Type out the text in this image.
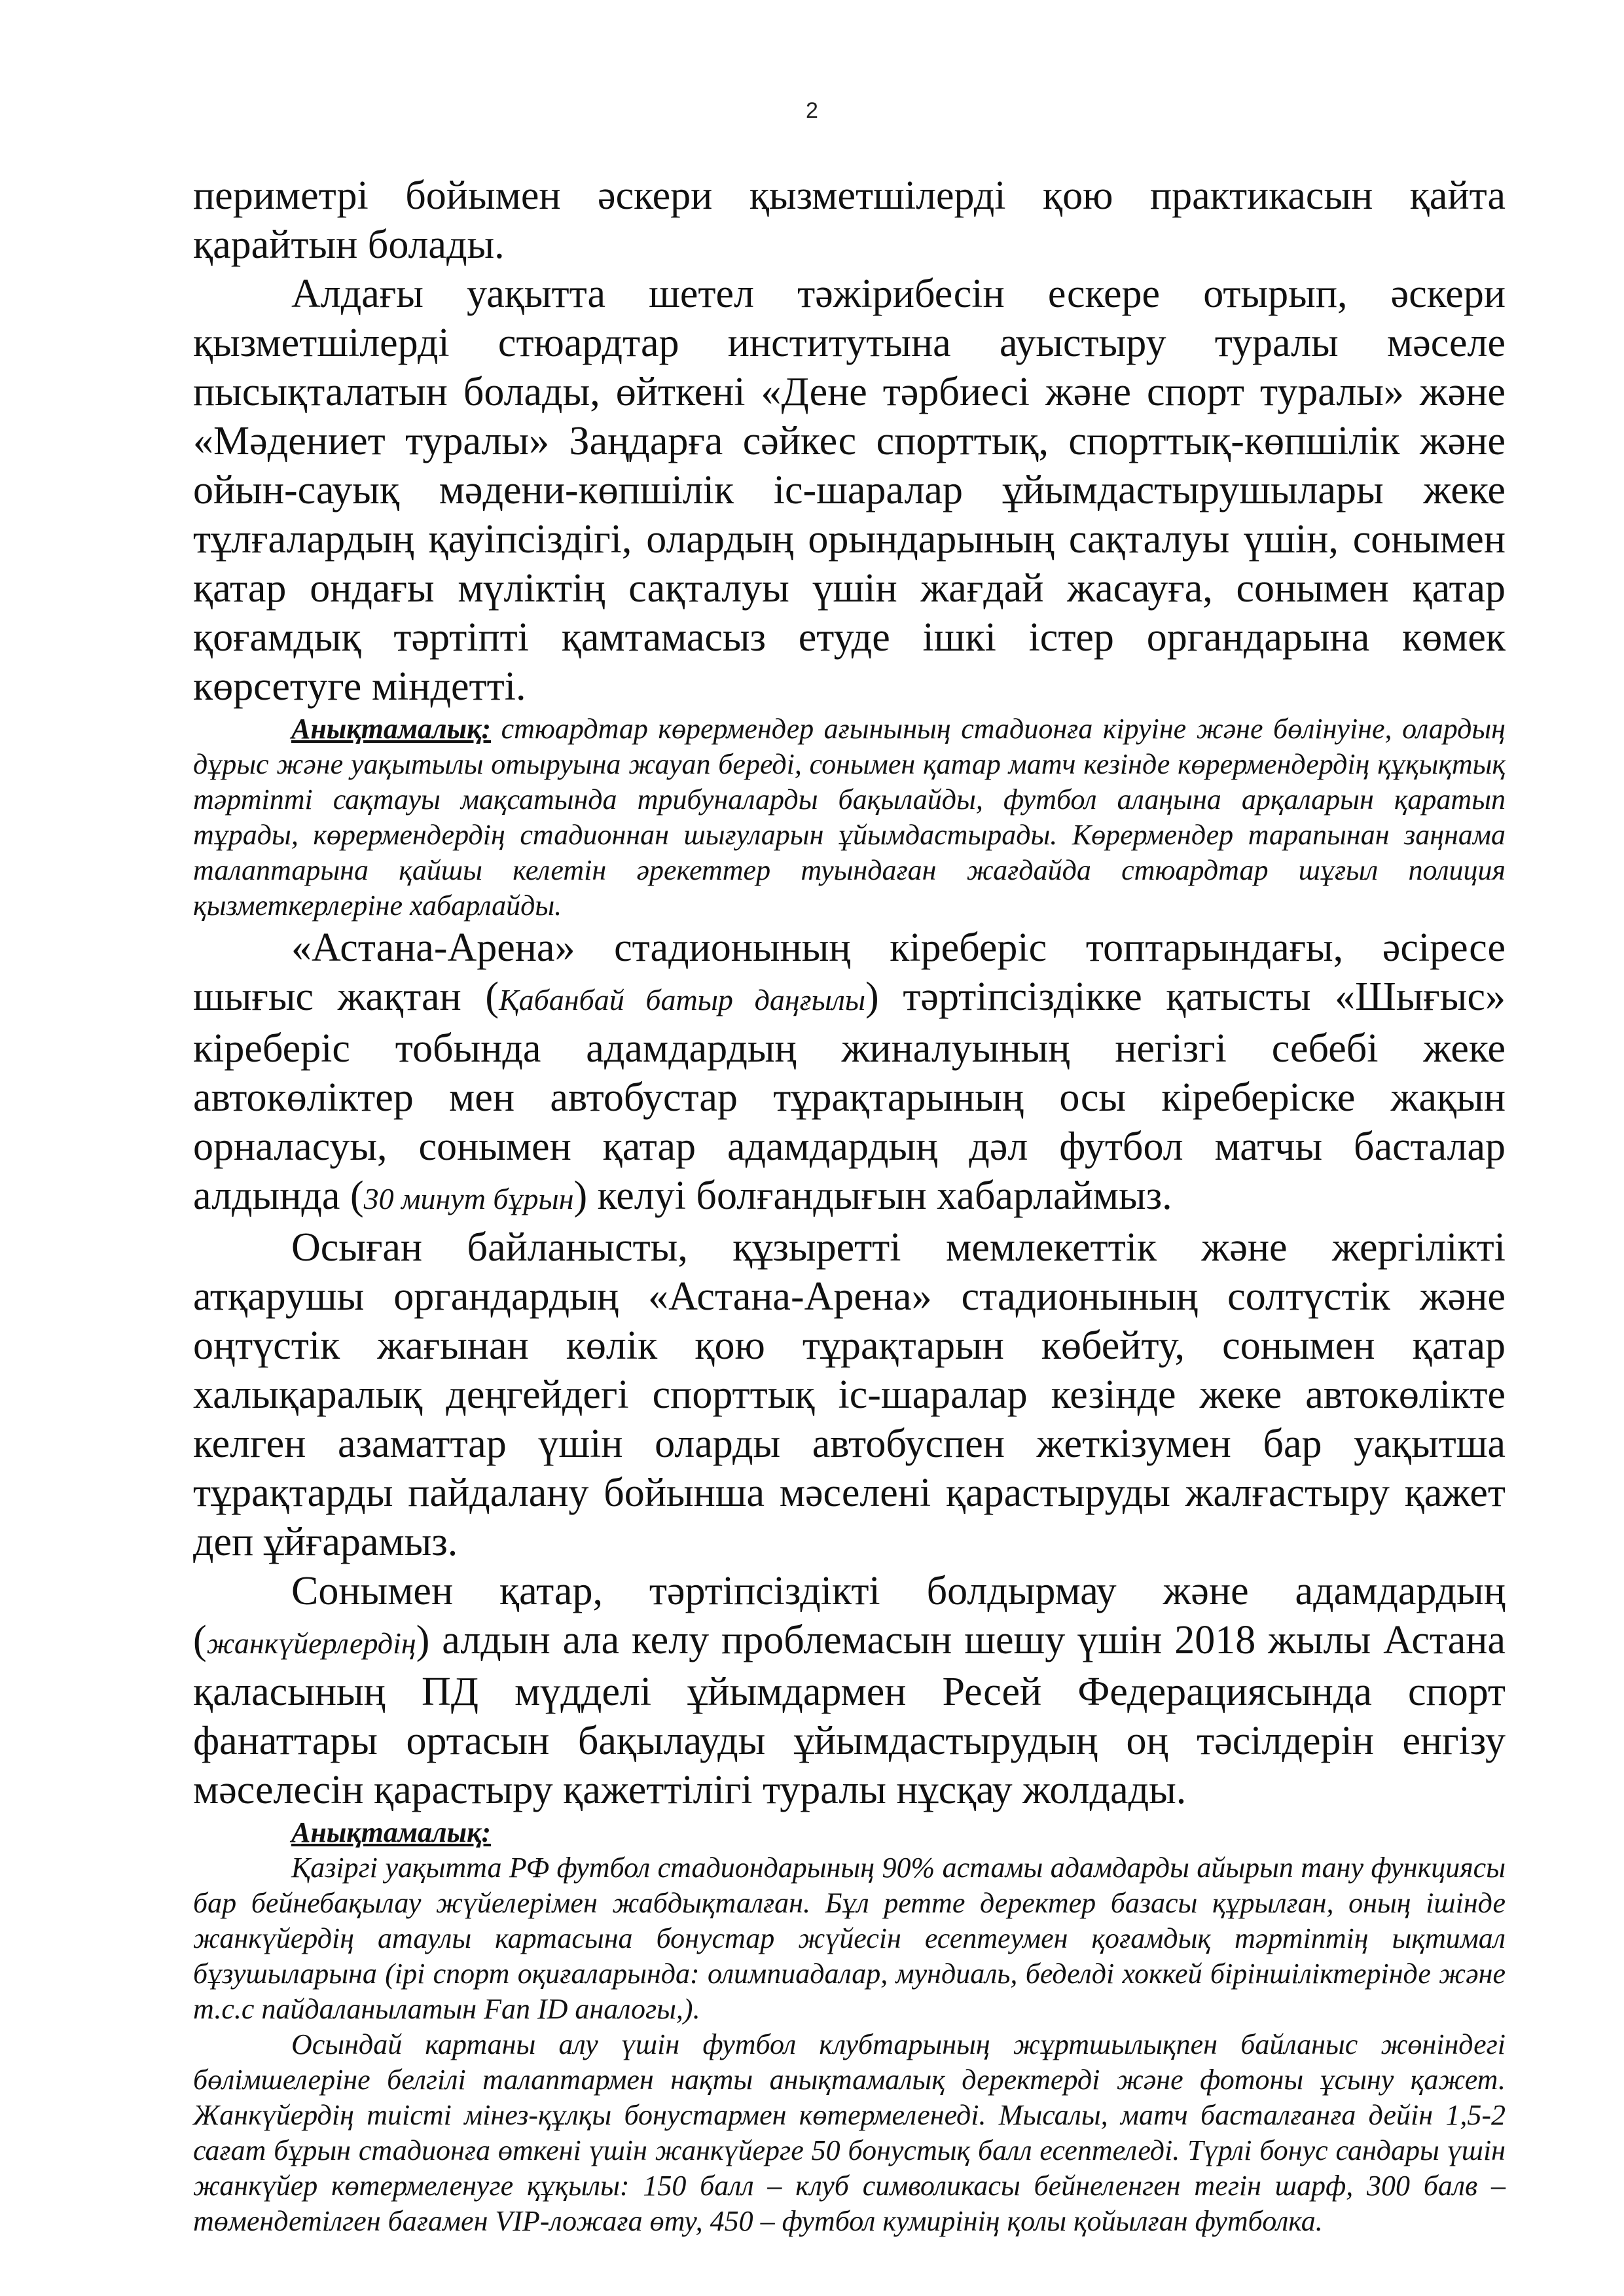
2

периметрі бойымен әскери қызметшілерді қою практикасын қайта қарайтын болады.

Алдағы уақытта шетел тәжірибесін ескере отырып, әскери қызметшілерді стюардтар институтына ауыстыру туралы мәселе пысықталатын болады, өйткені «Дене тәрбиесі және спорт туралы» және «Мәдениет туралы» Заңдарға сәйкес спорттық, спорттық-көпшілік және ойын-сауық мәдени-көпшілік іс-шаралар ұйымдастырушылары жеке тұлғалардың қауіпсіздігі, олардың орындарының сақталуы үшін, сонымен қатар ондағы мүліктің сақталуы үшін жағдай жасауға, сонымен қатар қоғамдық тәртіпті қамтамасыз етуде ішкі істер органдарына көмек көрсетуге міндетті.

Анықтамалық: стюардтар көрермендер ағынының стадионға кіруіне және бөлінуіне, олардың дұрыс және уақытылы отыруына жауап береді, сонымен қатар матч кезінде көрермендердің құқықтық тәртіпті сақтауы мақсатында трибуналарды бақылайды, футбол алаңына арқаларын қаратып тұрады, көрермендердің стадионнан шығуларын ұйымдастырады. Көрермендер тарапынан заңнама талаптарына қайшы келетін әрекеттер туындаған жағдайда стюардтар шұғыл полиция қызметкерлеріне хабарлайды.

«Астана-Арена» стадионының кіреберіс топтарындағы, әсіресе шығыс жақтан (Қабанбай батыр даңғылы) тәртіпсіздікке қатысты «Шығыс» кіреберіс тобында адамдардың жиналуының негізгі себебі жеке автокөліктер мен автобустар тұрақтарының осы кіреберіске жақын орналасуы, сонымен қатар адамдардың дәл футбол матчы басталар алдында (30 минут бұрын) келуі болғандығын хабарлаймыз.

Осыған байланысты, құзыретті мемлекеттік және жергілікті атқарушы органдардың «Астана-Арена» стадионының солтүстік және оңтүстік жағынан көлік қою тұрақтарын көбейту, сонымен қатар халықаралық деңгейдегі спорттық іс-шаралар кезінде жеке автокөлікте келген азаматтар үшін оларды автобуспен жеткізумен бар уақытша тұрақтарды пайдалану бойынша мәселені қарастыруды жалғастыру қажет деп ұйғарамыз.

Сонымен қатар, тәртіпсіздікті болдырмау және адамдардың (жанкүйерлердің) алдын ала келу проблемасын шешу үшін 2018 жылы Астана қаласының ПД мүдделі ұйымдармен Ресей Федерациясында спорт фанаттары ортасын бақылауды ұйымдастырудың оң тәсілдерін енгізу мәселесін қарастыру қажеттілігі туралы нұсқау жолдады.

Анықтамалық:

Қазіргі уақытта РФ футбол стадиондарының 90% астамы адамдарды айырып тану функциясы бар бейнебақылау жүйелерімен жабдықталған. Бұл ретте деректер базасы құрылған, оның ішінде жанкүйердің атаулы картасына бонустар жүйесін есептеумен қоғамдық тәртіптің ықтимал бұзушыларына (ірі спорт оқиғаларында: олимпиадалар, мундиаль, беделді хоккей біріншіліктерінде және т.с.с пайдаланылатын Fan ID аналогы,).

Осындай картаны алу үшін футбол клубтарының жұртшылықпен байланыс жөніндегі бөлімшелеріне белгілі талаптармен нақты анықтамалық деректерді және фотоны ұсыну қажет. Жанкүйердің тиісті мінез-құлқы бонустармен көтермеленеді. Мысалы, матч басталғанға дейін 1,5-2 сағат бұрын стадионға өткені үшін жанкүйерге 50 бонустық балл есептеледі. Түрлі бонус сандары үшін жанкүйер көтермеленуге құқылы: 150 балл – клуб символикасы бейнеленген тегін шарф, 300 балв – төмендетілген бағамен VIP-ложаға өту, 450 – футбол кумирінің қолы қойылған футболка.
